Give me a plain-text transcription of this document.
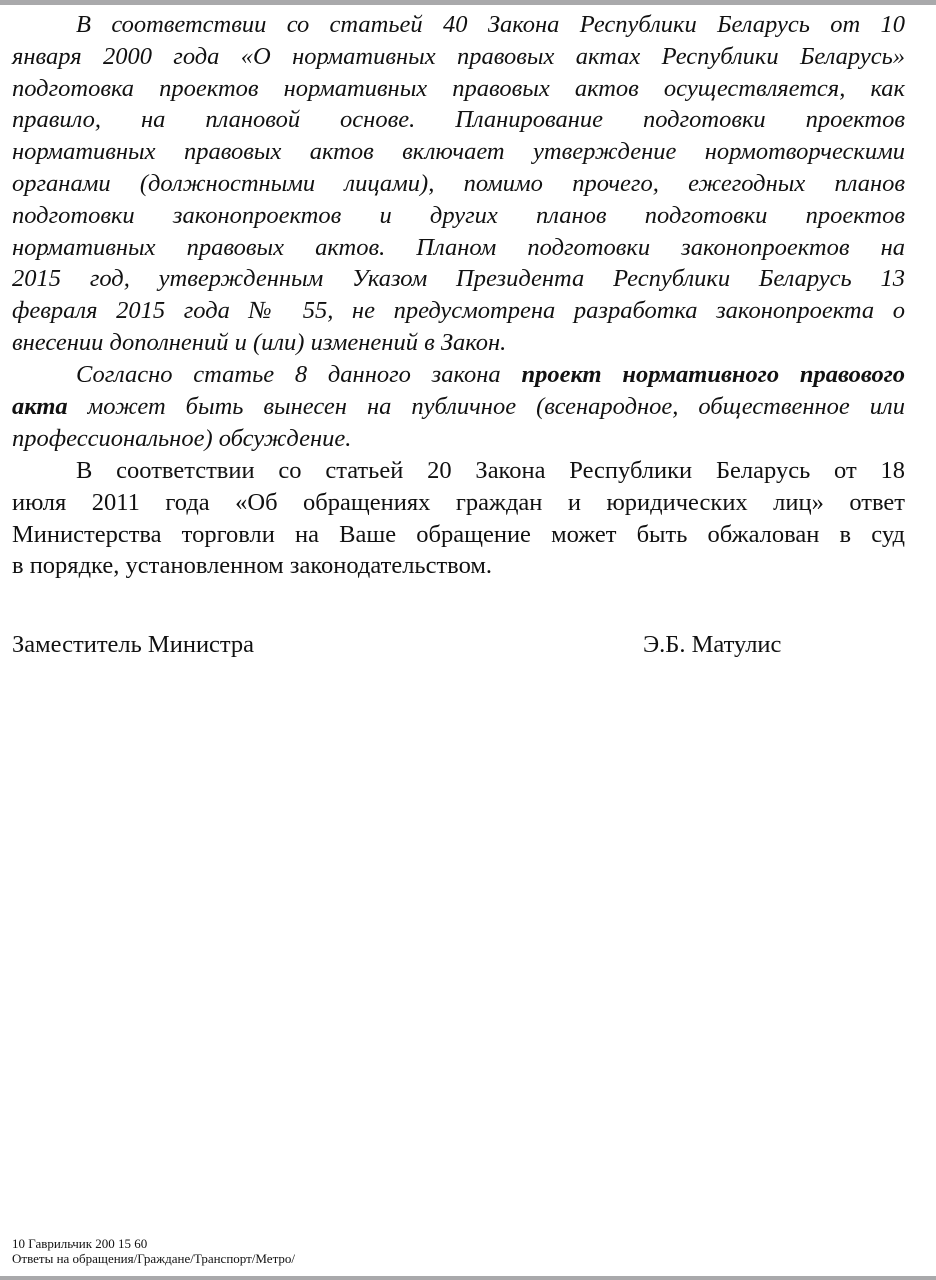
В соответствии со статьей 40 Закона Республики Беларусь от 10
января 2000 года «О нормативных правовых актах Республики Беларусь»
подготовка проектов нормативных правовых актов осуществляется, как
правило, на плановой основе. Планирование подготовки проектов
нормативных правовых актов включает утверждение нормотворческими
органами (должностными лицами), помимо прочего, ежегодных планов
подготовки законопроектов и других планов подготовки проектов
нормативных правовых актов. Планом подготовки законопроектов на
2015 год, утвержденным Указом Президента Республики Беларусь 13
февраля 2015 года № 55, не предусмотрена разработка законопроекта о
внесении дополнений и (или) изменений в Закон.
Согласно статье 8 данного закона проект нормативного правового
акта может быть вынесен на публичное (всенародное, общественное или
профессиональное) обсуждение.
В соответствии со статьей 20 Закона Республики Беларусь от 18
июля 2011 года «Об обращениях граждан и юридических лиц» ответ
Министерства торговли на Ваше обращение может быть обжалован в суд
в порядке, установленном законодательством.
Заместитель Министра	Э.Б. Матулис
10 Гаврильчик 200 15 60
Ответы на обращения/Граждане/Транспорт/Метро/
